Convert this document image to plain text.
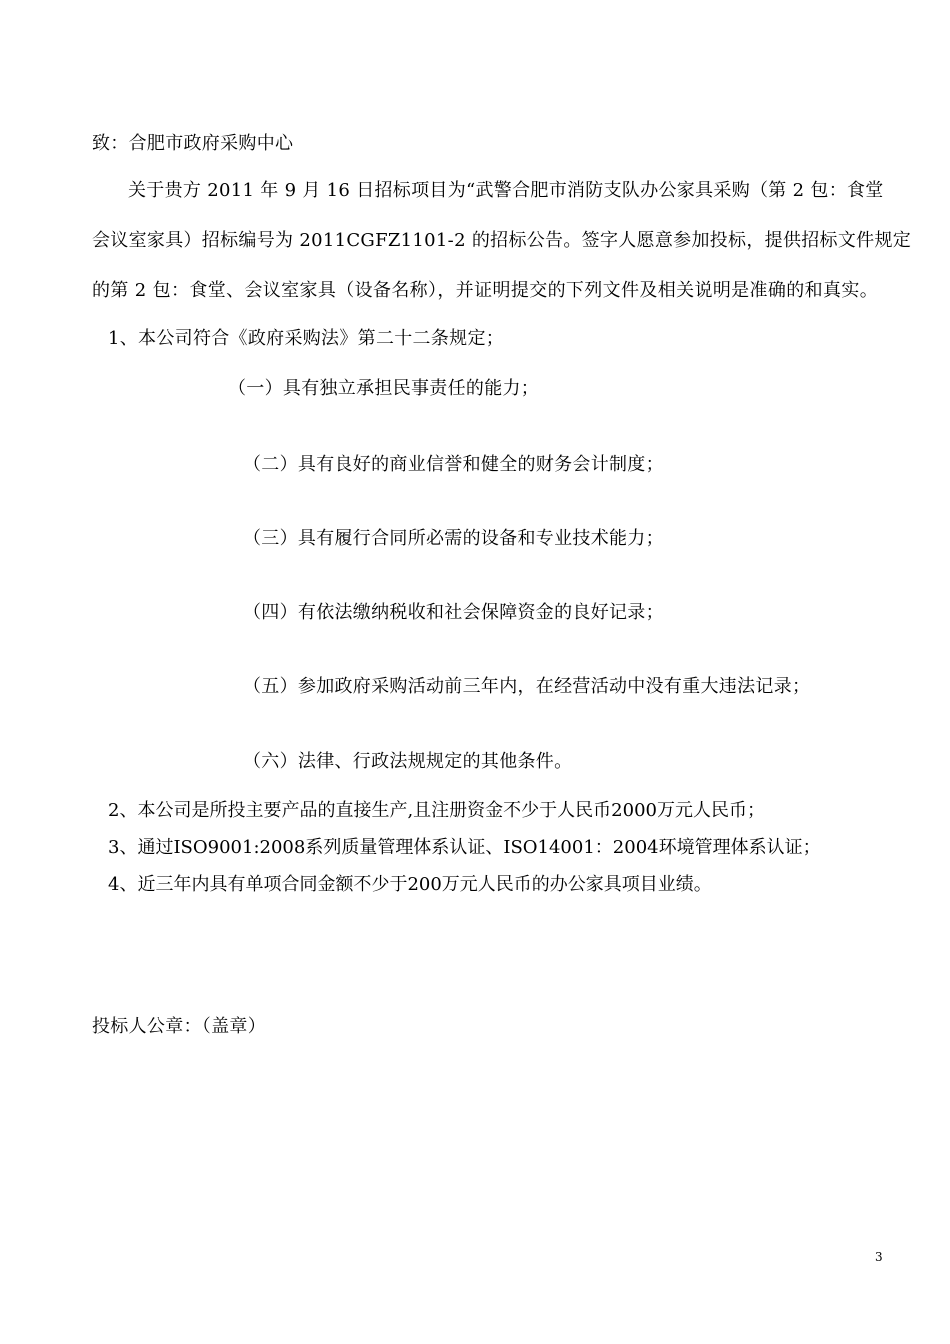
致：合肥市政府采购中心
关于贵方 2011 年 9 月 16 日招标项目为“武警合肥市消防支队办公家具采购（第 2 包：食堂
会议室家具）招标编号为 2011CGFZ1101-2 的招标公告。签字人愿意参加投标，提供招标文件规定
的第 2 包：食堂、会议室家具（设备名称），并证明提交的下列文件及相关说明是准确的和真实。
1、本公司符合《政府采购法》第二十二条规定；
（一）具有独立承担民事责任的能力；
（二）具有良好的商业信誉和健全的财务会计制度；
（三）具有履行合同所必需的设备和专业技术能力；
（四）有依法缴纳税收和社会保障资金的良好记录；
（五）参加政府采购活动前三年内，在经营活动中没有重大违法记录；
（六）法律、行政法规规定的其他条件。
2、本公司是所投主要产品的直接生产,且注册资金不少于人民币2000万元人民币；
3、通过ISO9001:2008系列质量管理体系认证、ISO14001：2004环境管理体系认证；
4、近三年内具有单项合同金额不少于200万元人民币的办公家具项目业绩。
投标人公章：（盖章）
3
